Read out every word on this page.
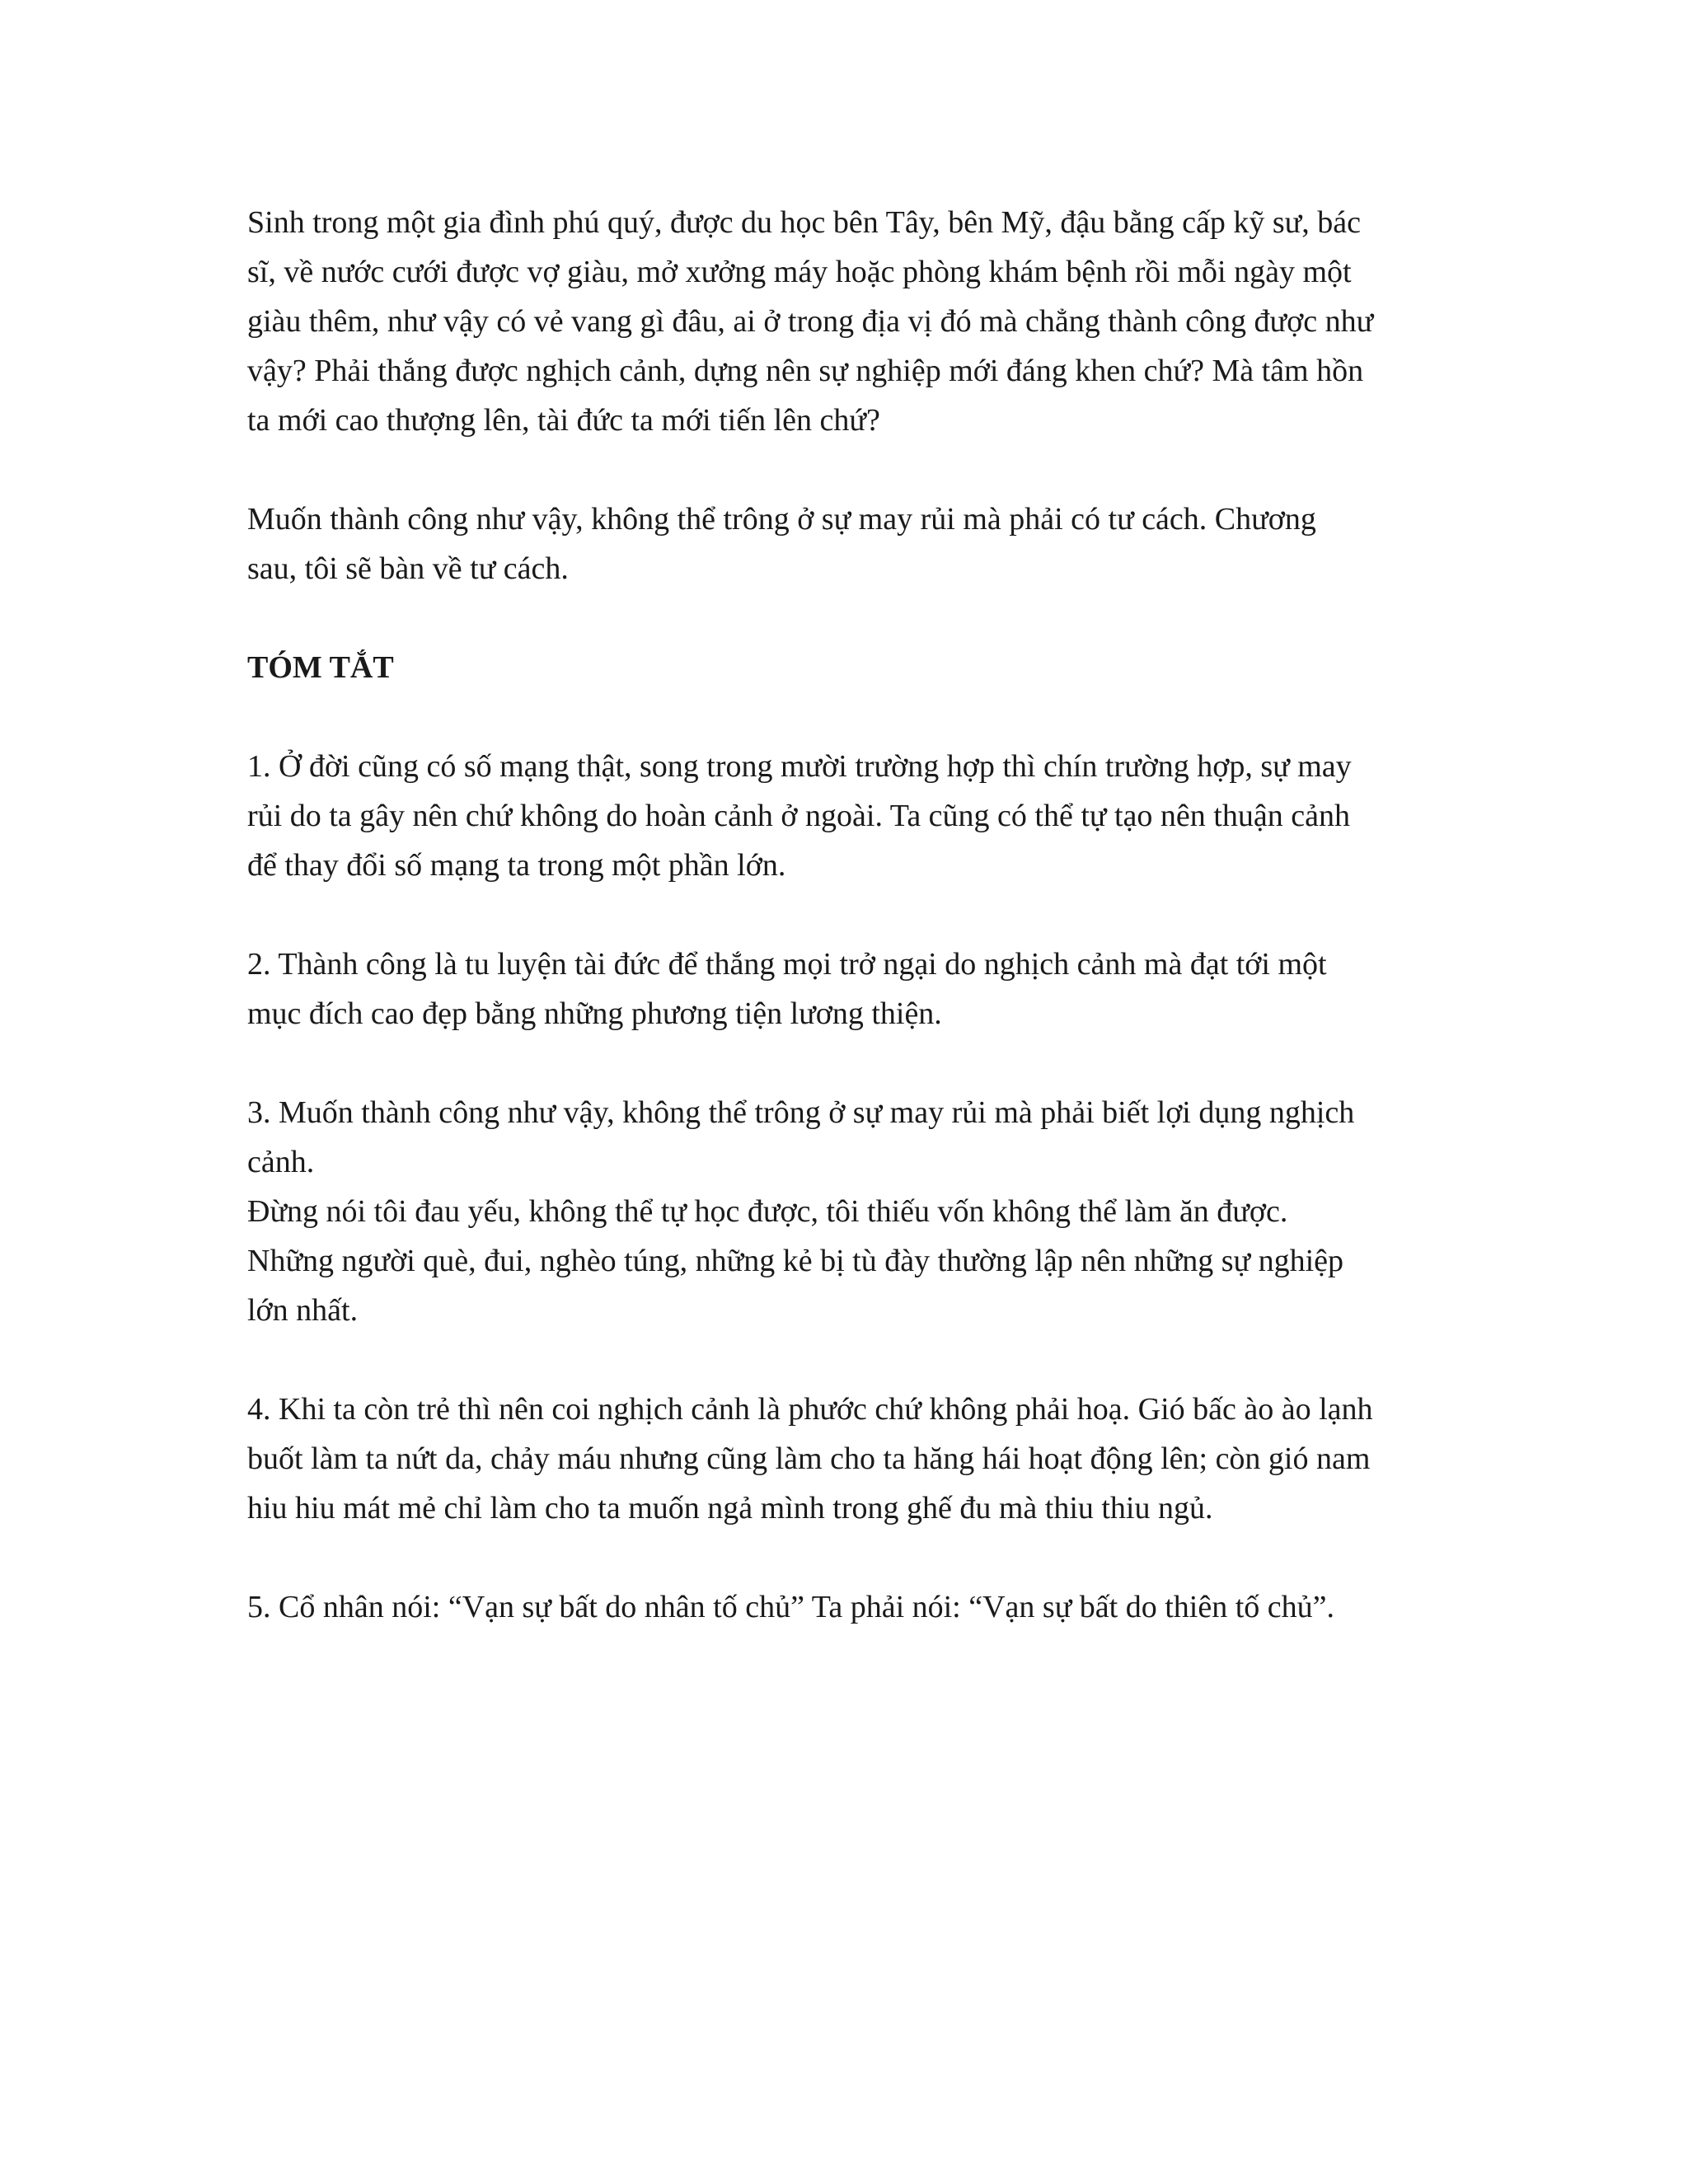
Sinh trong một gia đình phú quý, được du học bên Tây, bên Mỹ, đậu bằng cấp kỹ sư, bác
sĩ, về nước cưới được vợ giàu, mở xưởng máy hoặc phòng khám bệnh rồi mỗi ngày một
giàu thêm, như vậy có vẻ vang gì đâu, ai ở trong địa vị đó mà chẳng thành công được như
vậy? Phải thắng được nghịch cảnh, dựng nên sự nghiệp mới đáng khen chứ? Mà tâm hồn
ta mới cao thượng lên, tài đức ta mới tiến lên chứ?

Muốn thành công như vậy, không thể trông ở sự may rủi mà phải có tư cách. Chương
sau, tôi sẽ bàn về tư cách.

TÓM TẮT

1. Ở đời cũng có số mạng thật, song trong mười trường hợp thì chín trường hợp, sự may
rủi do ta gây nên chứ không do hoàn cảnh ở ngoài. Ta cũng có thể tự tạo nên thuận cảnh
để thay đổi số mạng ta trong một phần lớn.

2. Thành công là tu luyện tài đức để thắng mọi trở ngại do nghịch cảnh mà đạt tới một
mục đích cao đẹp bằng những phương tiện lương thiện.

3. Muốn thành công như vậy, không thể trông ở sự may rủi mà phải biết lợi dụng nghịch
cảnh.
Đừng nói tôi đau yếu, không thể tự học được, tôi thiếu vốn không thể làm ăn được.
Những người què, đui, nghèo túng, những kẻ bị tù đày thường lập nên những sự nghiệp
lớn nhất.

4. Khi ta còn trẻ thì nên coi nghịch cảnh là phước chứ không phải hoạ. Gió bấc ào ào lạnh
buốt làm ta nứt da, chảy máu nhưng cũng làm cho ta hăng hái hoạt động lên; còn gió nam
hiu hiu mát mẻ chỉ làm cho ta muốn ngả mình trong ghế đu mà thiu thiu ngủ.

5. Cổ nhân nói: “Vạn sự bất do nhân tố chủ” Ta phải nói: “Vạn sự bất do thiên tố chủ”.
